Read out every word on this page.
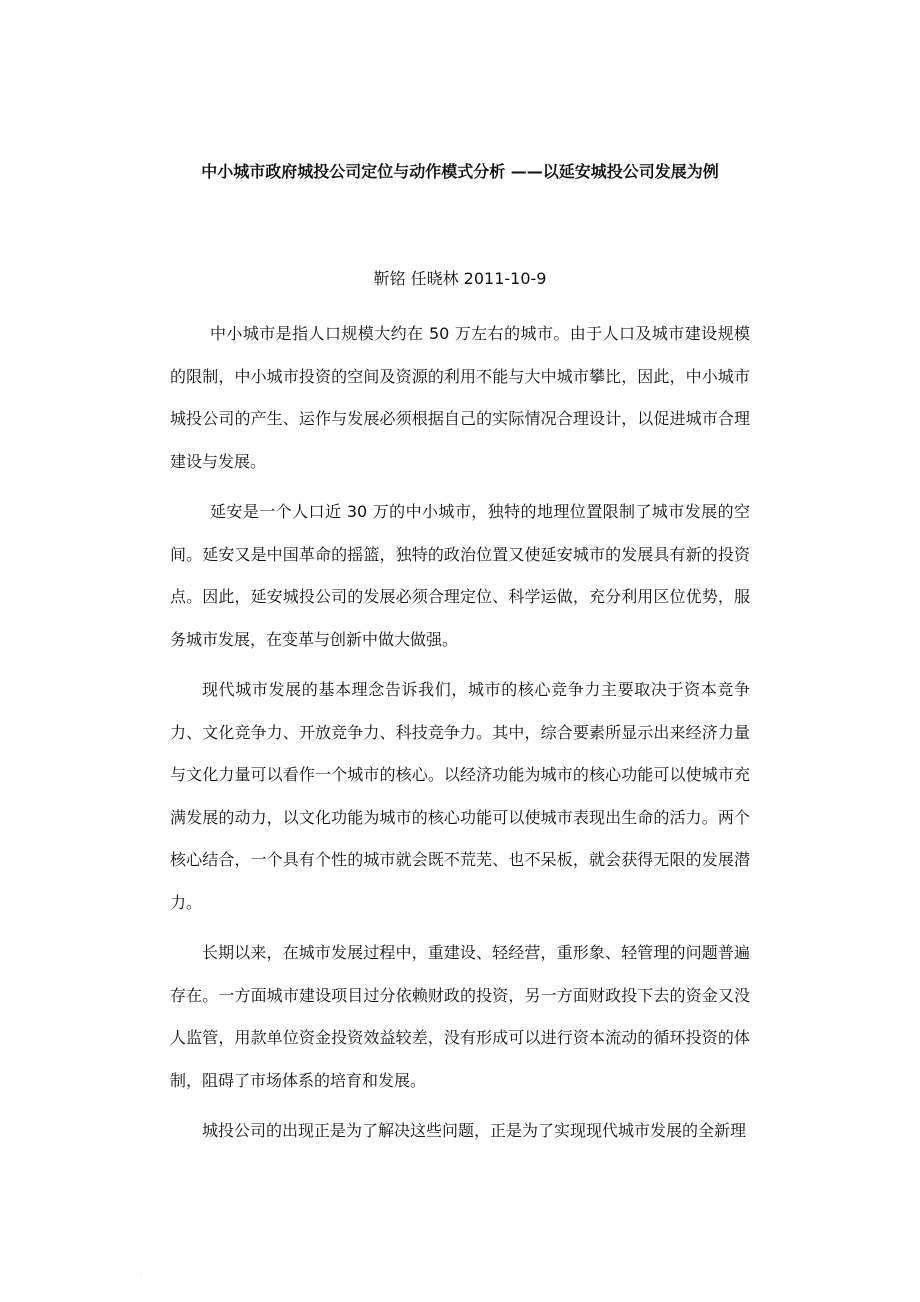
中小城市政府城投公司定位与动作模式分析 ——以延安城投公司发展为例
靳铭 任晓林 2011-10-9

中小城市是指人口规模大约在 50 万左右的城市。由于人口及城市建设规模的限制，中小城市投资的空间及资源的利用不能与大中城市攀比，因此，中小城市城投公司的产生、运作与发展必须根据自己的实际情况合理设计，以促进城市合理建设与发展。

延安是一个人口近 30 万的中小城市，独特的地理位置限制了城市发展的空间。延安又是中国革命的摇篮，独特的政治位置又使延安城市的发展具有新的投资点。因此，延安城投公司的发展必须合理定位、科学运做，充分利用区位优势，服务城市发展，在变革与创新中做大做强。

现代城市发展的基本理念告诉我们，城市的核心竞争力主要取决于资本竞争力、文化竞争力、开放竞争力、科技竞争力。其中，综合要素所显示出来经济力量与文化力量可以看作一个城市的核心。以经济功能为城市的核心功能可以使城市充满发展的动力，以文化功能为城市的核心功能可以使城市表现出生命的活力。两个核心结合，一个具有个性的城市就会既不荒芜、也不呆板，就会获得无限的发展潜力。

长期以来，在城市发展过程中，重建设、轻经营，重形象、轻管理的问题普遍存在。一方面城市建设项目过分依赖财政的投资，另一方面财政投下去的资金又没人监管，用款单位资金投资效益较差，没有形成可以进行资本流动的循环投资的体制，阻碍了市场体系的培育和发展。

城投公司的出现正是为了解决这些问题，正是为了实现现代城市发展的全新理

·
